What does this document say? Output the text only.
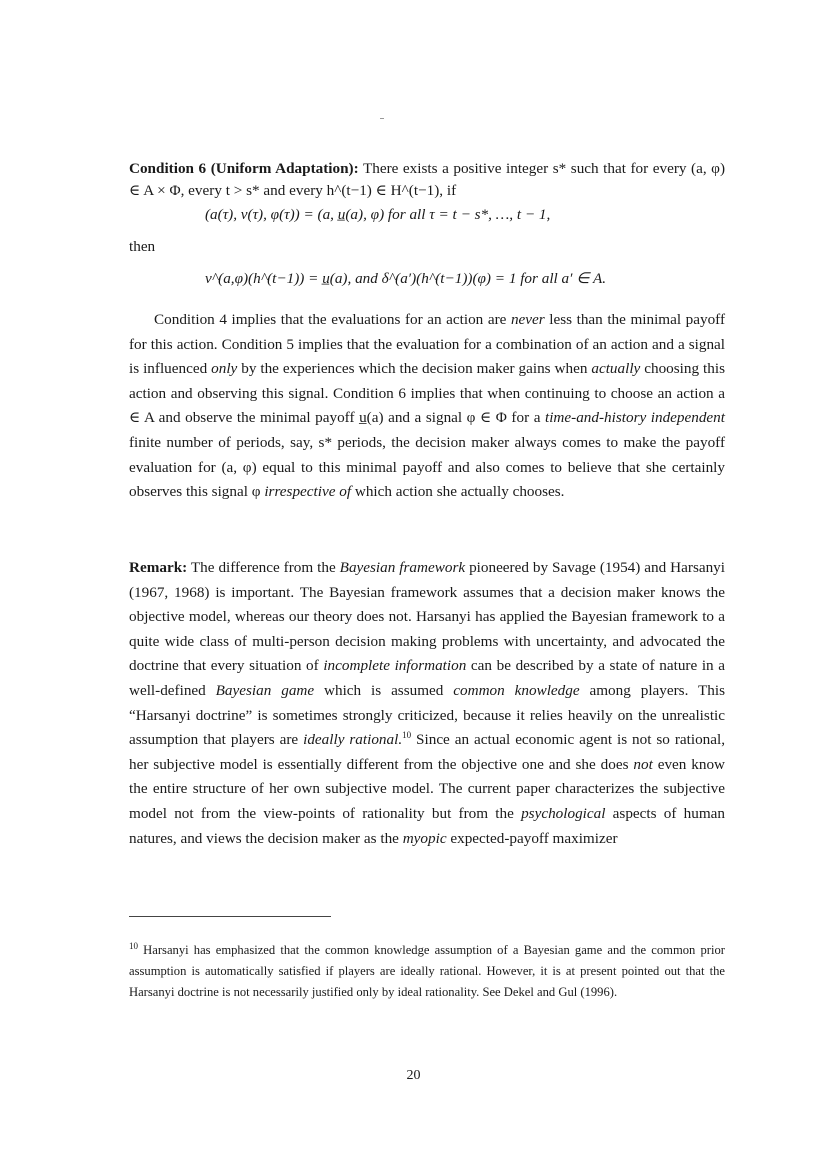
Condition 6 (Uniform Adaptation): There exists a positive integer s* such that for every (a, φ) ∈ A × Φ, every t > s* and every h^(t−1) ∈ H^(t−1), if
(a(τ), v(τ), φ(τ)) = (a, u̲(a), φ) for all τ = t − s*, …, t − 1,
then
v^(a,φ)(h^(t−1)) = u̲(a), and δ^(a′)(h^(t−1))(φ) = 1 for all a′ ∈ A.
Condition 4 implies that the evaluations for an action are never less than the minimal payoff for this action. Condition 5 implies that the evaluation for a combination of an action and a signal is influenced only by the experiences which the decision maker gains when actually choosing this action and observing this signal. Condition 6 implies that when continuing to choose an action a ∈ A and observe the minimal payoff u̲(a) and a signal φ ∈ Φ for a time-and-history independent finite number of periods, say, s* periods, the decision maker always comes to make the payoff evaluation for (a, φ) equal to this minimal payoff and also comes to believe that she certainly observes this signal φ irrespective of which action she actually chooses.
Remark: The difference from the Bayesian framework pioneered by Savage (1954) and Harsanyi (1967, 1968) is important. The Bayesian framework assumes that a decision maker knows the objective model, whereas our theory does not. Harsanyi has applied the Bayesian framework to a quite wide class of multi-person decision making problems with uncertainty, and advocated the doctrine that every situation of incomplete information can be described by a state of nature in a well-defined Bayesian game which is assumed common knowledge among players. This “Harsanyi doctrine” is sometimes strongly criticized, because it relies heavily on the unrealistic assumption that players are ideally rational.$^{10}$ Since an actual economic agent is not so rational, her subjective model is essentially different from the objective one and she does not even know the entire structure of her own subjective model. The current paper characterizes the subjective model not from the view-points of rationality but from the psychological aspects of human natures, and views the decision maker as the myopic expected-payoff maximizer
$^{10}$ Harsanyi has emphasized that the common knowledge assumption of a Bayesian game and the common prior assumption is automatically satisfied if players are ideally rational. However, it is at present pointed out that the Harsanyi doctrine is not necessarily justified only by ideal rationality. See Dekel and Gul (1996).
20
